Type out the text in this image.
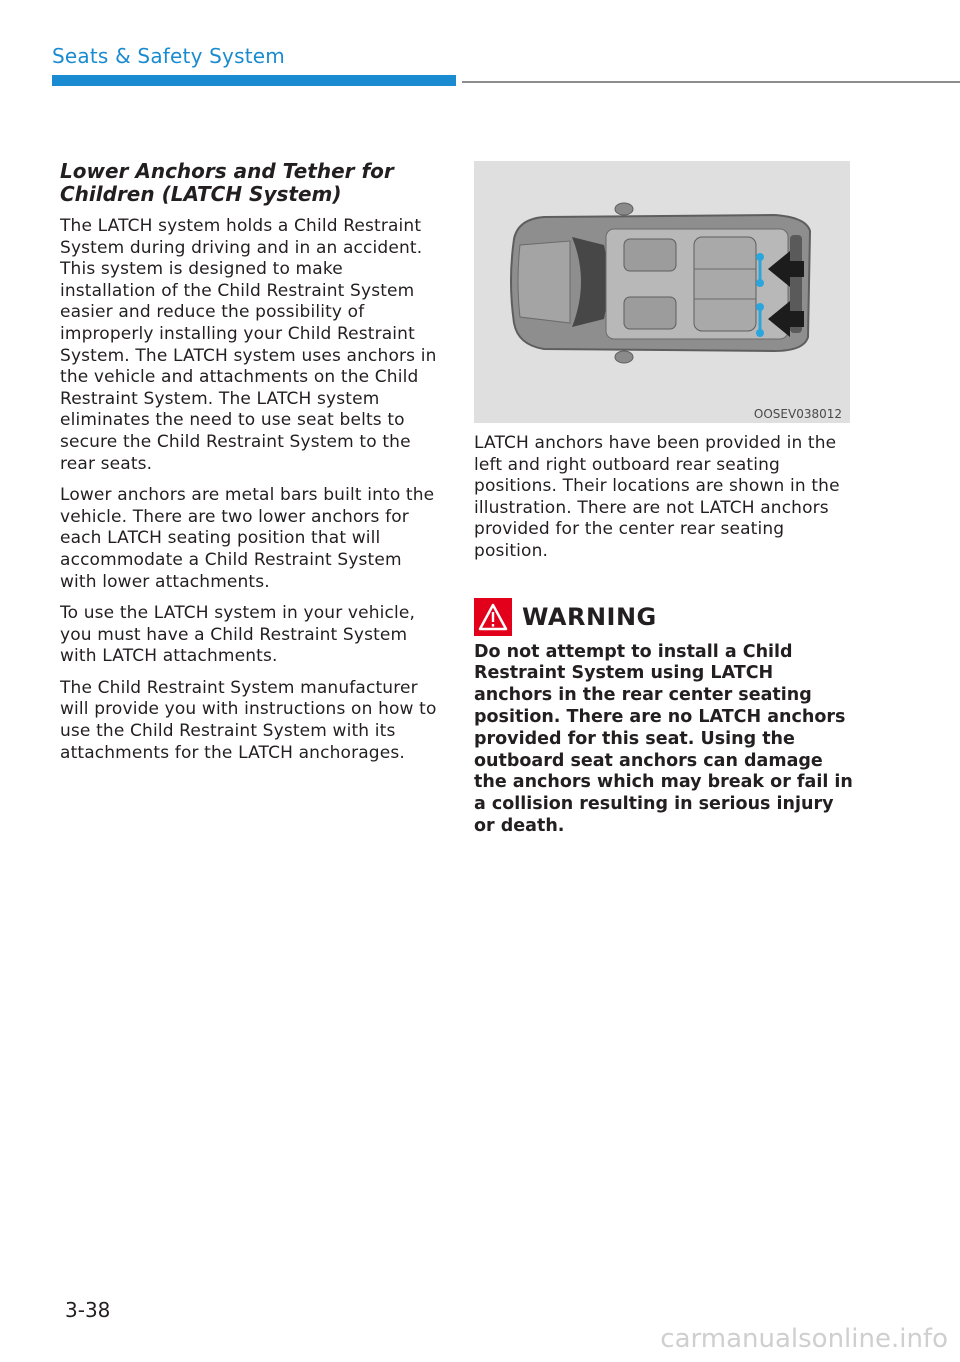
Seats & Safety System
Lower Anchors and Tether for Children (LATCH System)

The LATCH system holds a Child Restraint System during driving and in an accident. This system is designed to make installation of the Child Restraint System easier and reduce the possibility of improperly installing your Child Restraint System. The LATCH system uses anchors in the vehicle and attachments on the Child Restraint System. The LATCH system eliminates the need to use seat belts to secure the Child Restraint System to the rear seats.

Lower anchors are metal bars built into the vehicle. There are two lower anchors for each LATCH seating position that will accommodate a Child Restraint System with lower attachments.

To use the LATCH system in your vehicle, you must have a Child Restraint System with LATCH attachments.

The Child Restraint System manufacturer will provide you with instructions on how to use the Child Restraint System with its attachments for the LATCH anchorages.

OOSEV038012

LATCH anchors have been provided in the left and right outboard rear seating positions. Their locations are shown in the illustration. There are not LATCH anchors provided for the center rear seating position.

WARNING
Do not attempt to install a Child Restraint System using LATCH anchors in the rear center seating position. There are no LATCH anchors provided for this seat. Using the outboard seat anchors can damage the anchors which may break or fail in a collision resulting in serious injury or death.
3-38
carmanualsonline.info
